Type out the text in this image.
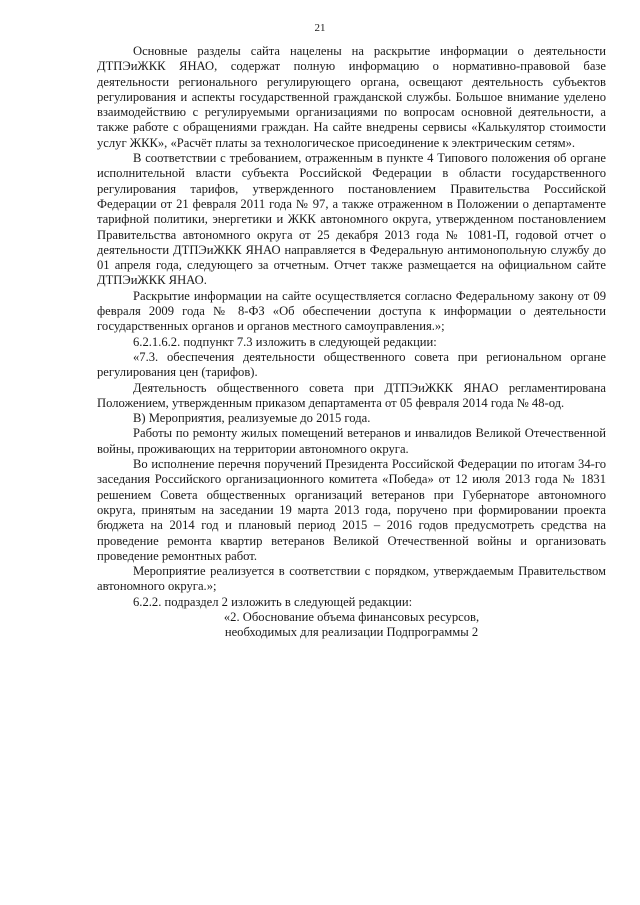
21

Основные разделы сайта нацелены на раскрытие информации о деятельности ДТПЭиЖКК ЯНАО, содержат полную информацию о нормативно-правовой базе деятельности регионального регулирующего органа, освещают деятельность субъектов регулирования и аспекты государственной гражданской службы. Большое внимание уделено взаимодействию с регулируемыми организациями по вопросам основной деятельности, а также работе с обращениями граждан. На сайте внедрены сервисы «Калькулятор стоимости услуг ЖКК», «Расчёт платы за технологическое присоединение к электрическим сетям».

В соответствии с требованием, отраженным в пункте 4 Типового положения об органе исполнительной власти субъекта Российской Федерации в области государственного регулирования тарифов, утвержденного постановлением Правительства Российской Федерации от 21 февраля 2011 года № 97, а также отраженном в Положении о департаменте тарифной политики, энергетики и ЖКК автономного округа, утвержденном постановлением Правительства автономного округа от 25 декабря 2013 года № 1081-П, годовой отчет о деятельности ДТПЭиЖКК ЯНАО направляется в Федеральную антимонопольную службу до 01 апреля года, следующего за отчетным. Отчет также размещается на официальном сайте ДТПЭиЖКК ЯНАО.

Раскрытие информации на сайте осуществляется согласно Федеральному закону от 09 февраля 2009 года № 8-ФЗ «Об обеспечении доступа к информации о деятельности государственных органов и органов местного самоуправления.»;

6.2.1.6.2. подпункт 7.3 изложить в следующей редакции:

«7.3. обеспечения деятельности общественного совета при региональном органе регулирования цен (тарифов).

Деятельность общественного совета при ДТПЭиЖКК ЯНАО регламентирована Положением, утвержденным приказом департамента от 05 февраля 2014 года № 48-од.

В) Мероприятия, реализуемые до 2015 года.

Работы по ремонту жилых помещений ветеранов и инвалидов Великой Отечественной войны, проживающих на территории автономного округа.

Во исполнение перечня поручений Президента Российской Федерации по итогам 34-го заседания Российского организационного комитета «Победа» от 12 июля 2013 года № 1831 решением Совета общественных организаций ветеранов при Губернаторе автономного округа, принятым на заседании 19 марта 2013 года, поручено при формировании проекта бюджета на 2014 год и плановый период 2015 – 2016 годов предусмотреть средства на проведение ремонта квартир ветеранов Великой Отечественной войны и организовать проведение ремонтных работ.

Мероприятие реализуется в соответствии с порядком, утверждаемым Правительством автономного округа.»;

6.2.2. подраздел 2 изложить в следующей редакции:

«2. Обоснование объема финансовых ресурсов,

необходимых для реализации Подпрограммы 2
